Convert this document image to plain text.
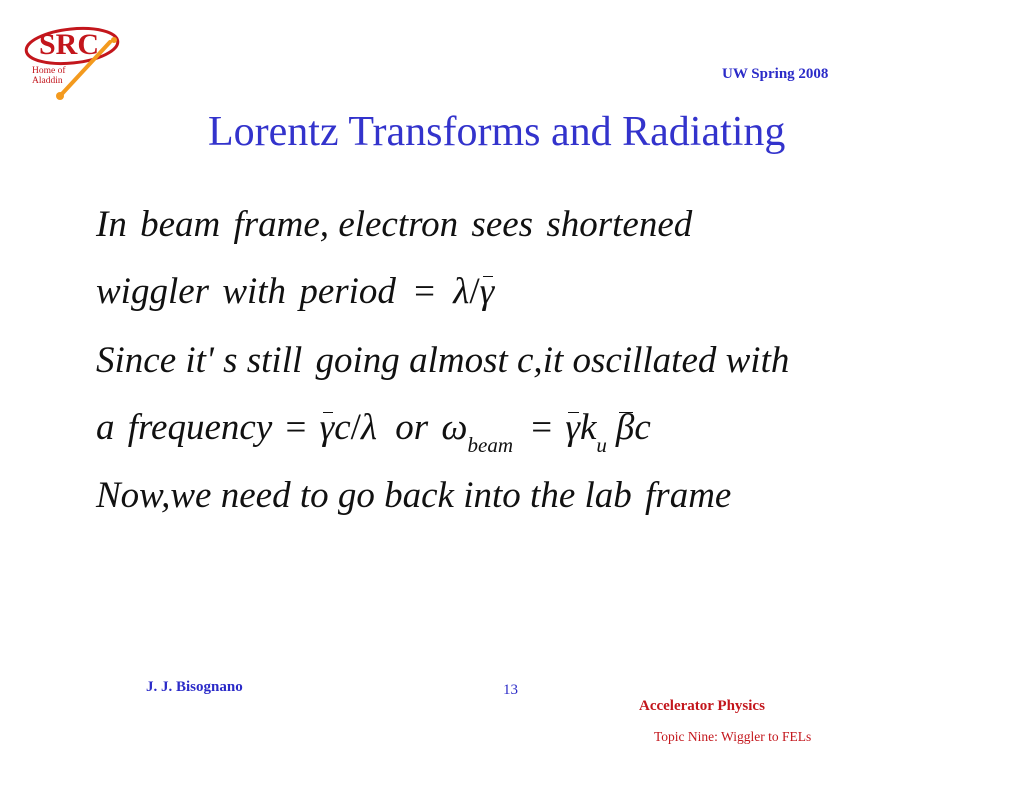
SRC
Home of
Aladdin	UW Spring 2008
Lorentz Transforms and Radiating
In beam frame, electron sees shortened
wiggler with period = λ/γ
Since it' s still going almost c,it oscillated with
a frequency = γc/λ or $\omega_{beam} = \gamma k_u$ βc
Now,we need to go back into the lab frame
J. J. Bisognano	13
Accelerator Physics
Topic Nine: Wiggler to FELs
